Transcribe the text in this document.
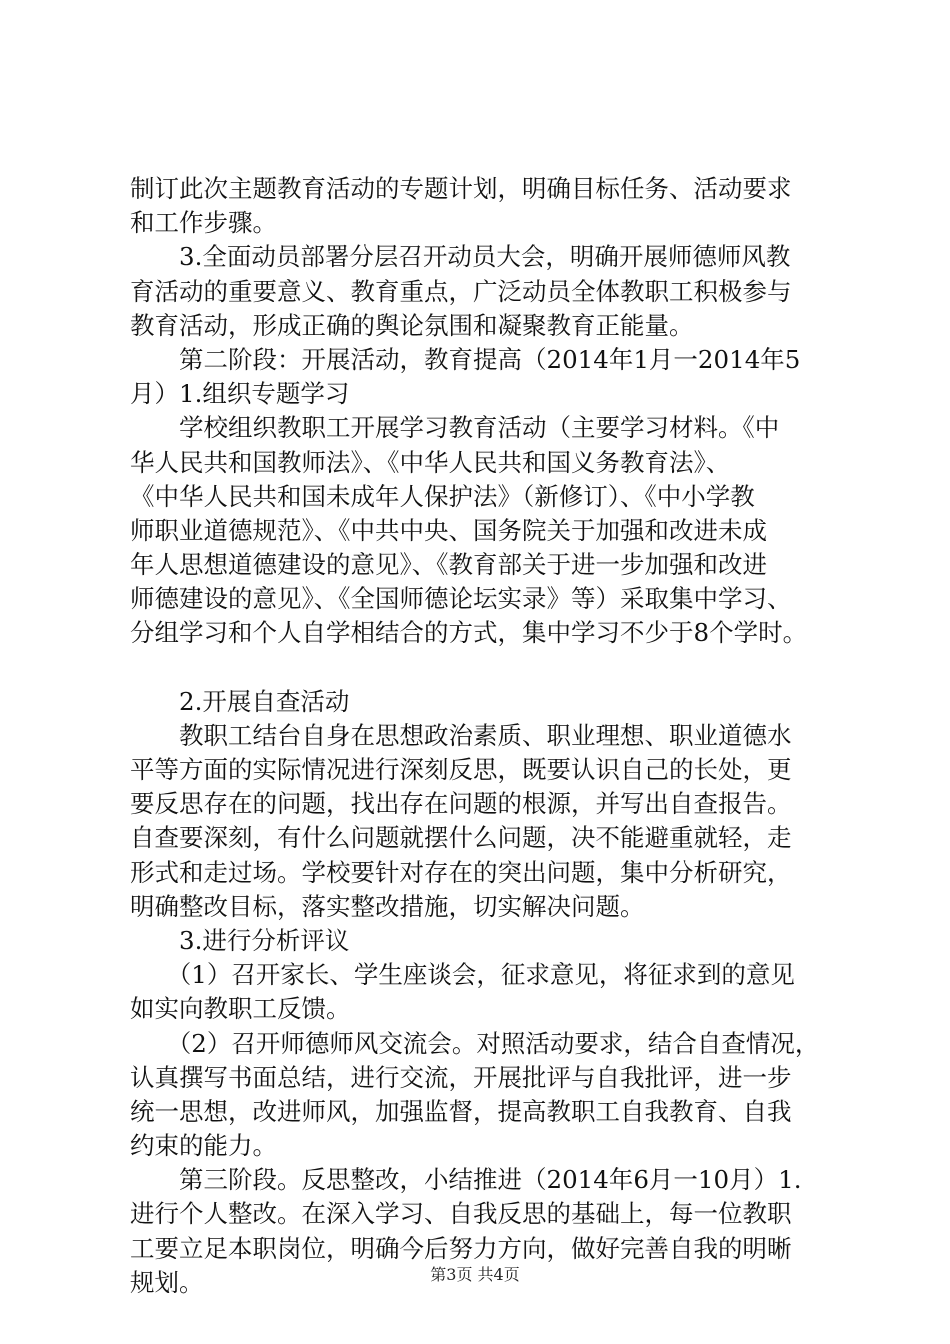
制订此次主题教育活动的专题计划，明确目标任务、活动要求
和工作步骤。
　　3.全面动员部署分层召开动员大会，明确开展师德师风教
育活动的重要意义、教育重点，广泛动员全体教职工积极参与
教育活动，形成正确的舆论氛围和凝聚教育正能量。
　　第二阶段：开展活动，教育提高（2014年1月一2014年5
月）1.组织专题学习
　　学校组织教职工开展学习教育活动（主要学习材料。《中
华人民共和国教师法》、《中华人民共和国义务教育法》、
《中华人民共和国未成年人保护法》（新修订）、《中小学教
师职业道德规范》、《中共中央、国务院关于加强和改进未成
年人思想道德建设的意见》、《教育部关于进一步加强和改进
师德建设的意见》、《全国师德论坛实录》等）采取集中学习、
分组学习和个人自学相结合的方式，集中学习不少于8个学时。
　　2.开展自查活动
　　教职工结台自身在思想政治素质、职业理想、职业道德水
平等方面的实际情况进行深刻反思，既要认识自己的长处，更
要反思存在的问题，找出存在问题的根源，并写出自查报告。
自查要深刻，有什么问题就摆什么问题，决不能避重就轻，走
形式和走过场。学校要针对存在的突出问题，集中分析研究，
明确整改目标，落实整改措施，切实解决问题。
　　3.进行分析评议
　　（1）召开家长、学生座谈会，征求意见，将征求到的意见
如实向教职工反馈。
　　（2）召开师德师风交流会。对照活动要求，结合自查情况，
认真撰写书面总结，进行交流，开展批评与自我批评，进一步
统一思想，改进师风，加强监督，提高教职工自我教育、自我
约束的能力。
　　第三阶段。反思整改，小结推进（2014年6月一10月）1.
进行个人整改。在深入学习、自我反思的基础上，每一位教职
工要立足本职岗位，明确今后努力方向，做好完善自我的明晰
规划。	第3页 共4页
